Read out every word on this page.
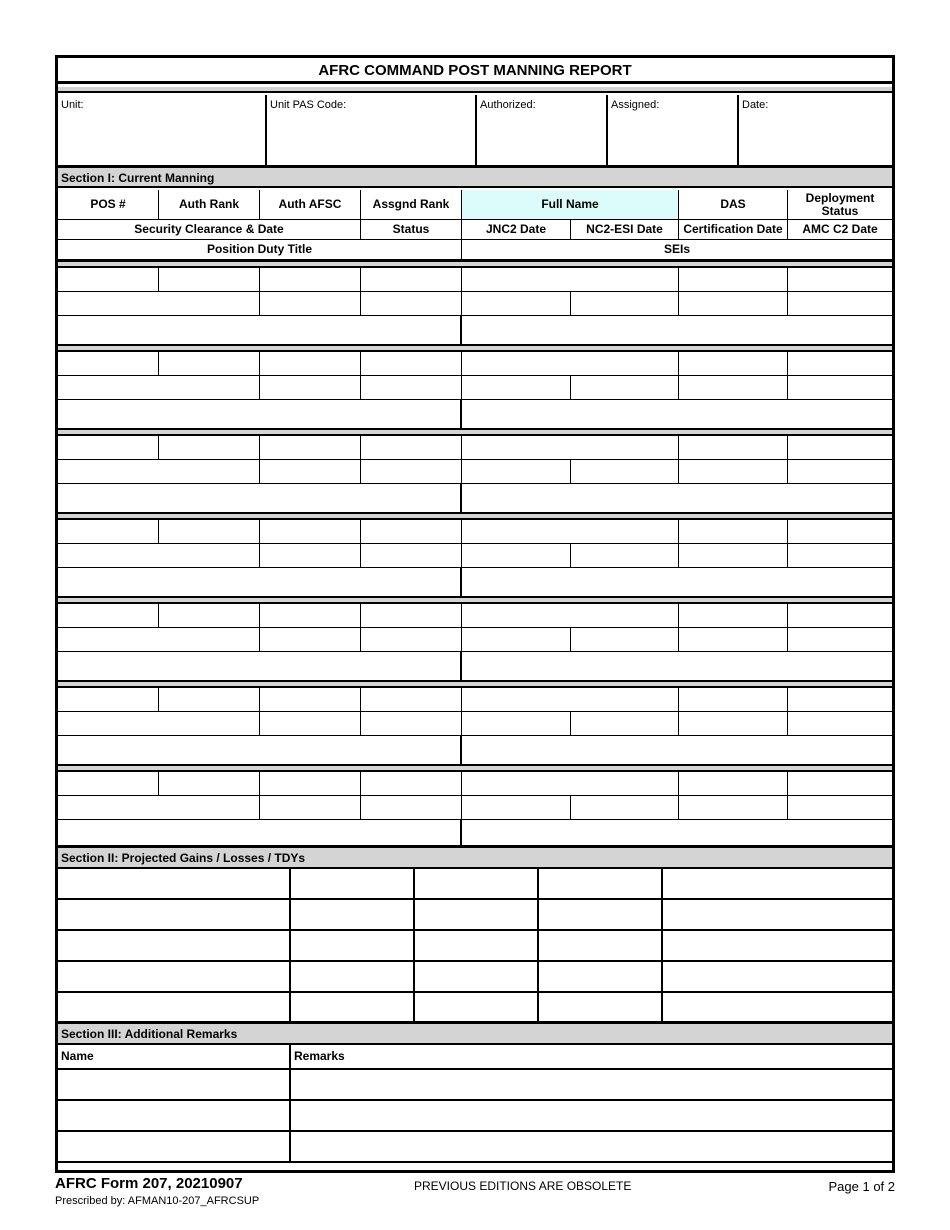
AFRC COMMAND POST MANNING REPORT
Unit:	Unit PAS Code:	Authorized:	Assigned:	Date:
Section I: Current Manning
POS #	Auth Rank	Auth AFSC	Assgnd Rank	Full Name	DAS	Deployment Status
Security Clearance & Date	Status	JNC2 Date	NC2-ESI Date	Certification Date	AMC C2 Date
Position Duty Title	SEIs
Section II: Projected Gains / Losses / TDYs
Section III: Additional Remarks
Name	Remarks
AFRC Form 207, 20210907
Prescribed by: AFMAN10-207_AFRCSUP
PREVIOUS EDITIONS ARE OBSOLETE	Page 1 of 2
